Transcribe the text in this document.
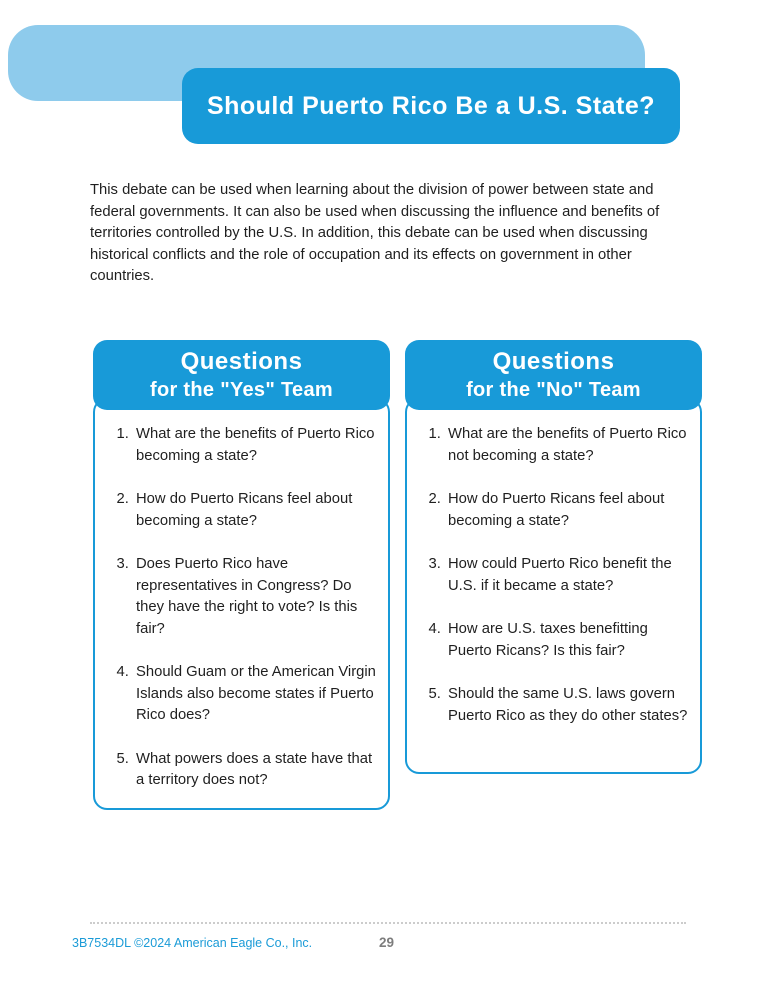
Should Puerto Rico Be a U.S. State?
This debate can be used when learning about the division of power between state and federal governments. It can also be used when discussing the influence and benefits of territories controlled by the U.S. In addition, this debate can be used when discussing historical conflicts and the role of occupation and its effects on government in other countries.
Questions
for the "Yes" Team
1. What are the benefits of Puerto Rico becoming a state?
2. How do Puerto Ricans feel about becoming a state?
3. Does Puerto Rico have representatives in Congress? Do they have the right to vote? Is this fair?
4. Should Guam or the American Virgin Islands also become states if Puerto Rico does?
5. What powers does a state have that a territory does not?
Questions
for the "No" Team
1. What are the benefits of Puerto Rico not becoming a state?
2. How do Puerto Ricans feel about becoming a state?
3. How could Puerto Rico benefit the U.S. if it became a state?
4. How are U.S. taxes benefitting Puerto Ricans? Is this fair?
5. Should the same U.S. laws govern Puerto Rico as they do other states?
3B7534DL ©2024 American Eagle Co., Inc.	29
